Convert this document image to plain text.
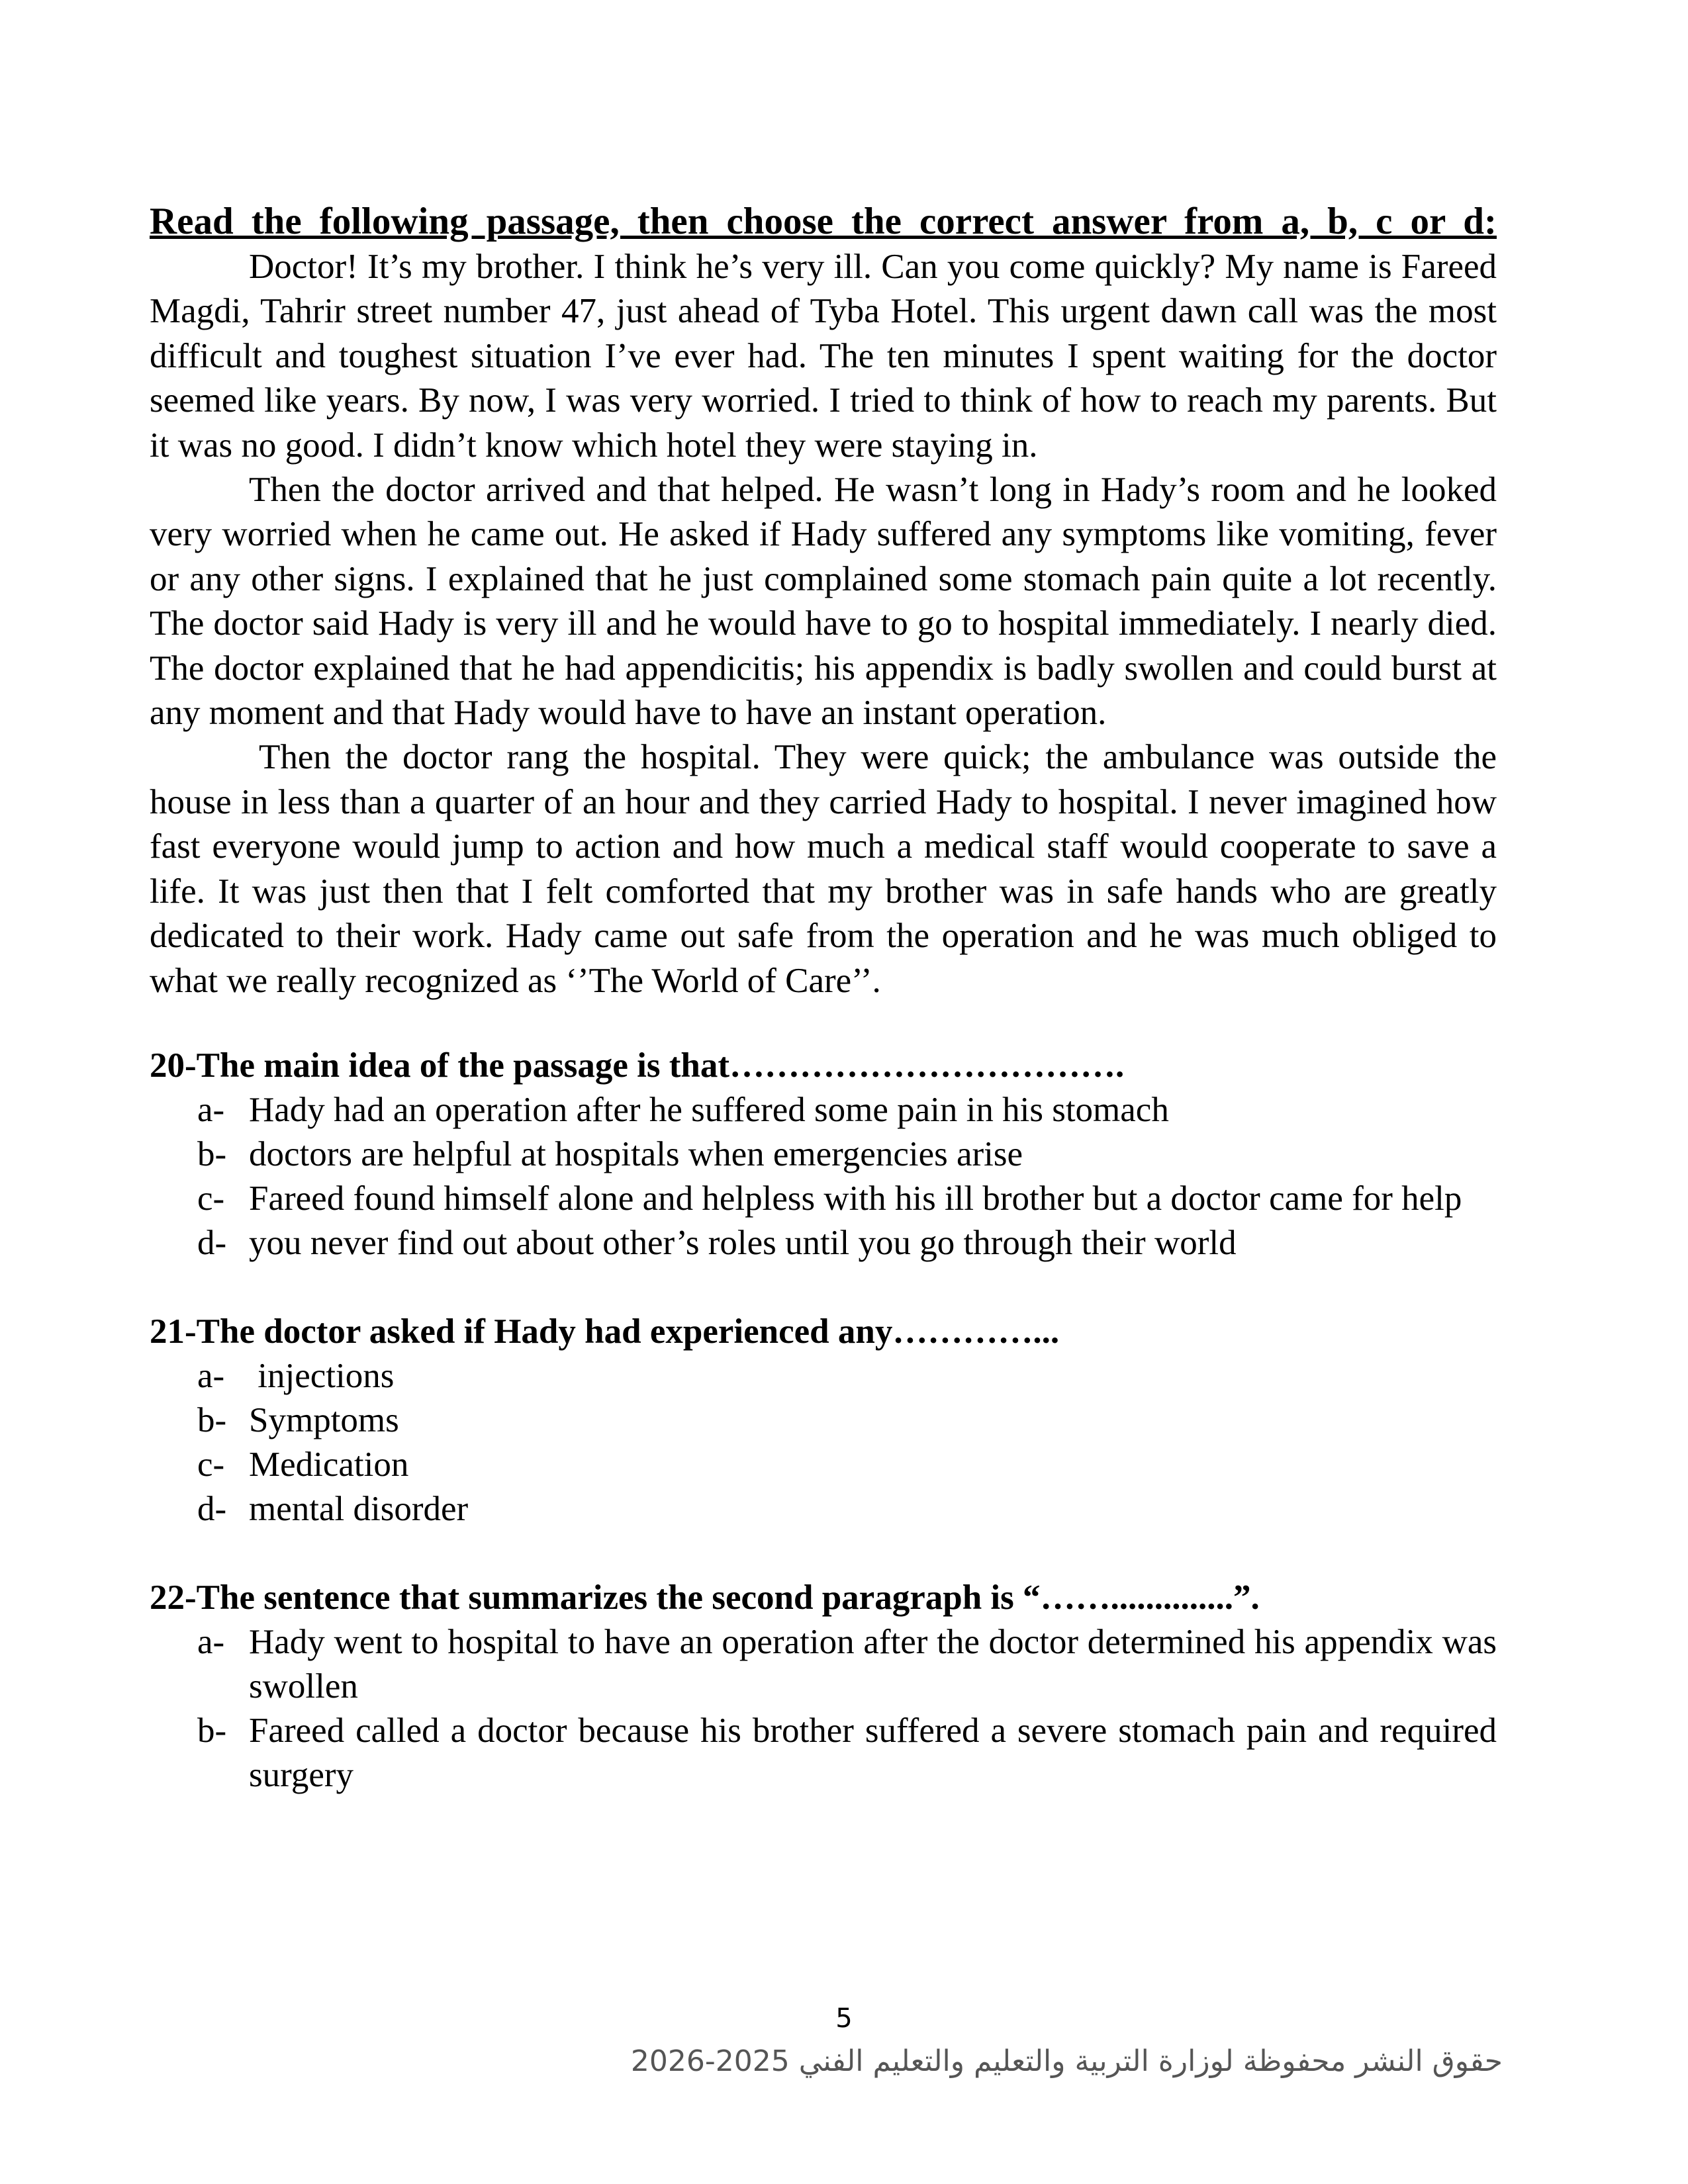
Read the following passage, then choose the correct answer from a, b, c or d:

Doctor! It’s my brother. I think he’s very ill. Can you come quickly? My name is Fareed Magdi, Tahrir street number 47, just ahead of Tyba Hotel. This urgent dawn call was the most difficult and toughest situation I’ve ever had. The ten minutes I spent waiting for the doctor seemed like years. By now, I was very worried. I tried to think of how to reach my parents. But it was no good. I didn’t know which hotel they were staying in.

Then the doctor arrived and that helped. He wasn’t long in Hady’s room and he looked very worried when he came out. He asked if Hady suffered any symptoms like vomiting, fever or any other signs. I explained that he just complained some stomach pain quite a lot recently. The doctor said Hady is very ill and he would have to go to hospital immediately. I nearly died. The doctor explained that he had appendicitis; his appendix is badly swollen and could burst at any moment and that Hady would have to have an instant operation.

Then the doctor rang the hospital. They were quick; the ambulance was outside the house in less than a quarter of an hour and they carried Hady to hospital. I never imagined how fast everyone would jump to action and how much a medical staff would cooperate to save a life. It was just then that I felt comforted that my brother was in safe hands who are greatly dedicated to their work. Hady came out safe from the operation and he was much obliged to what we really recognized as ‘’The World of Care’’.

20-The main idea of the passage is that…………………………….

a- Hady had an operation after he suffered some pain in his stomach
b- doctors are helpful at hospitals when emergencies arise
c- Fareed found himself alone and helpless with his ill brother but a doctor came for help
d- you never find out about other’s roles until you go through their world

21-The doctor asked if Hady had experienced any…………...

a- injections
b- Symptoms
c- Medication
d- mental disorder

22-The sentence that summarizes the second paragraph is “……..............”.

a- Hady went to hospital to have an operation after the doctor determined his appendix was swollen
b- Fareed called a doctor because his brother suffered a severe stomach pain and required surgery
5
حقوق النشر محفوظة لوزارة التربية والتعليم والتعليم الفني 2025-2026
